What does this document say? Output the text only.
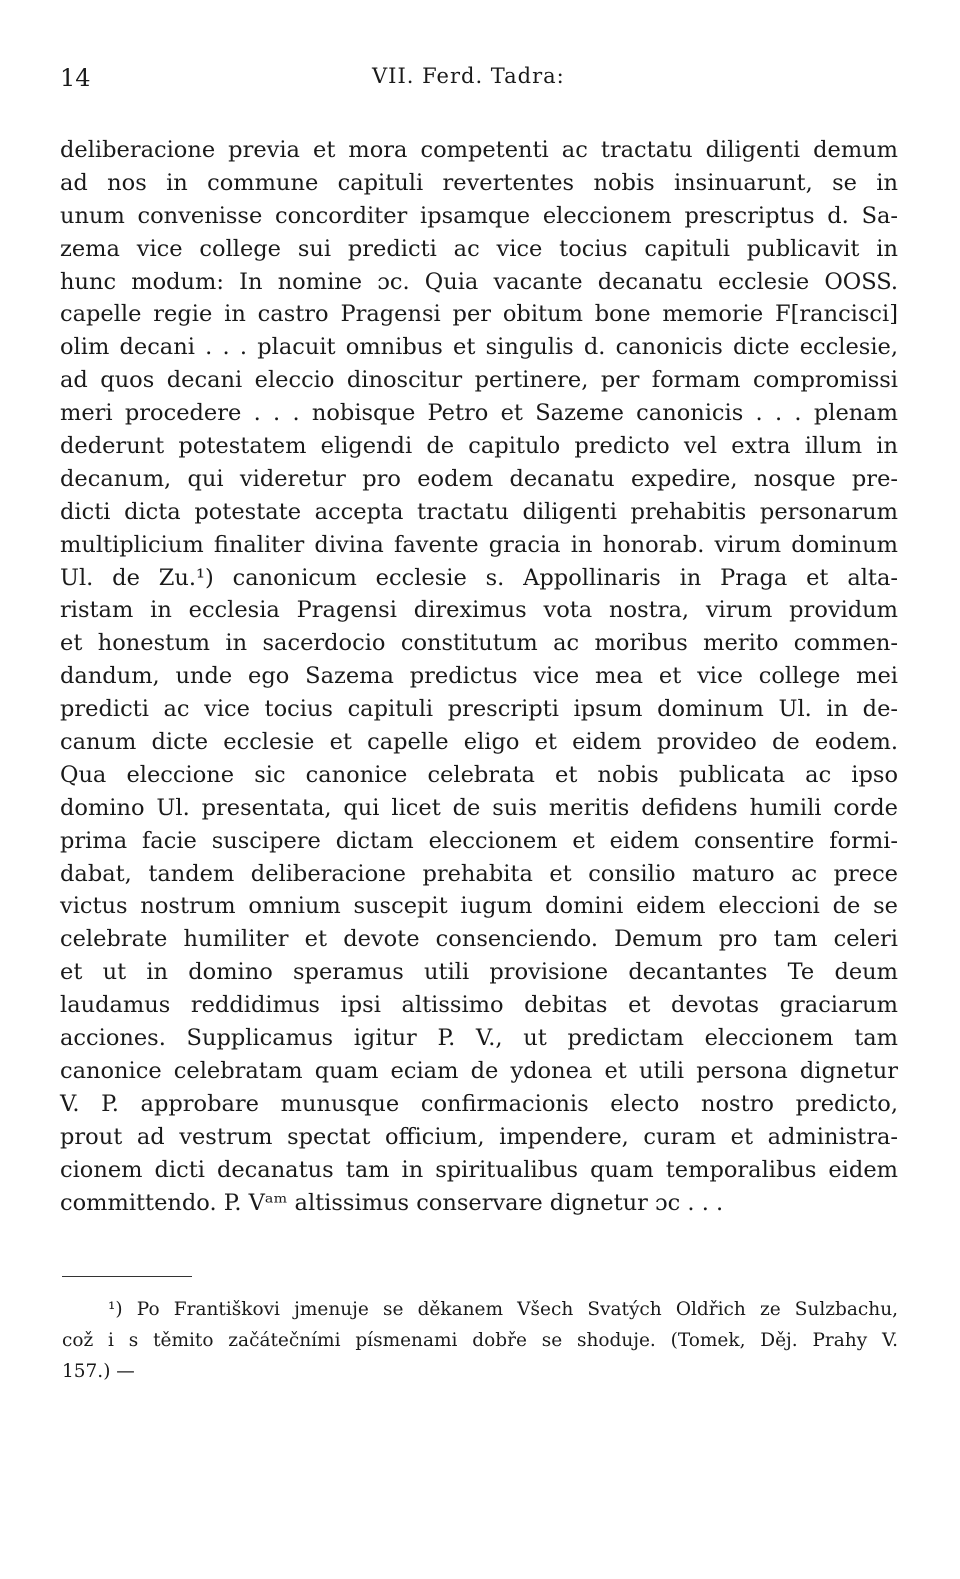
14	VII. Ferd. Tadra:
deliberacione previa et mora competenti ac tractatu diligenti demum
ad nos in commune capituli revertentes nobis insinuarunt, se in
unum convenisse concorditer ipsamque eleccionem prescriptus d. Sa-
zema vice college sui predicti ac vice tocius capituli publicavit in
hunc modum: In nomine ɔc. Quia vacante decanatu ecclesie OOSS.
capelle regie in castro Pragensi per obitum bone memorie F[rancisci]
olim decani . . . placuit omnibus et singulis d. canonicis dicte ecclesie,
ad quos decani eleccio dinoscitur pertinere, per formam compromissi
meri procedere . . . nobisque Petro et Sazeme canonicis . . . plenam
dederunt potestatem eligendi de capitulo predicto vel extra illum in
decanum, qui videretur pro eodem decanatu expedire, nosque pre-
dicti dicta potestate accepta tractatu diligenti prehabitis personarum
multiplicium finaliter divina favente gracia in honorab. virum dominum
Ul. de Zu.¹) canonicum ecclesie s. Appollinaris in Praga et alta-
ristam in ecclesia Pragensi direximus vota nostra, virum providum
et honestum in sacerdocio constitutum ac moribus merito commen-
dandum, unde ego Sazema predictus vice mea et vice college mei
predicti ac vice tocius capituli prescripti ipsum dominum Ul. in de-
canum dicte ecclesie et capelle eligo et eidem provideo de eodem.
Qua eleccione sic canonice celebrata et nobis publicata ac ipso
domino Ul. presentata, qui licet de suis meritis defidens humili corde
prima facie suscipere dictam eleccionem et eidem consentire formi-
dabat, tandem deliberacione prehabita et consilio maturo ac prece
victus nostrum omnium suscepit iugum domini eidem eleccioni de se
celebrate humiliter et devote consenciendo. Demum pro tam celeri
et ut in domino speramus utili provisione decantantes Te deum
laudamus reddidimus ipsi altissimo debitas et devotas graciarum
acciones. Supplicamus igitur P. V., ut predictam eleccionem tam
canonice celebratam quam eciam de ydonea et utili persona dignetur
V. P. approbare munusque confirmacionis electo nostro predicto,
prout ad vestrum spectat officium, impendere, curam et administra-
cionem dicti decanatus tam in spiritualibus quam temporalibus eidem
committendo. P. Vᵃᵐ altissimus conservare dignetur ɔc . . .
¹) Po Františkovi jmenuje se děkanem Všech Svatých Oldřich ze Sulzbachu,
což i s těmito začátečními písmenami dobře se shoduje. (Tomek, Děj. Prahy V.
157.) —
